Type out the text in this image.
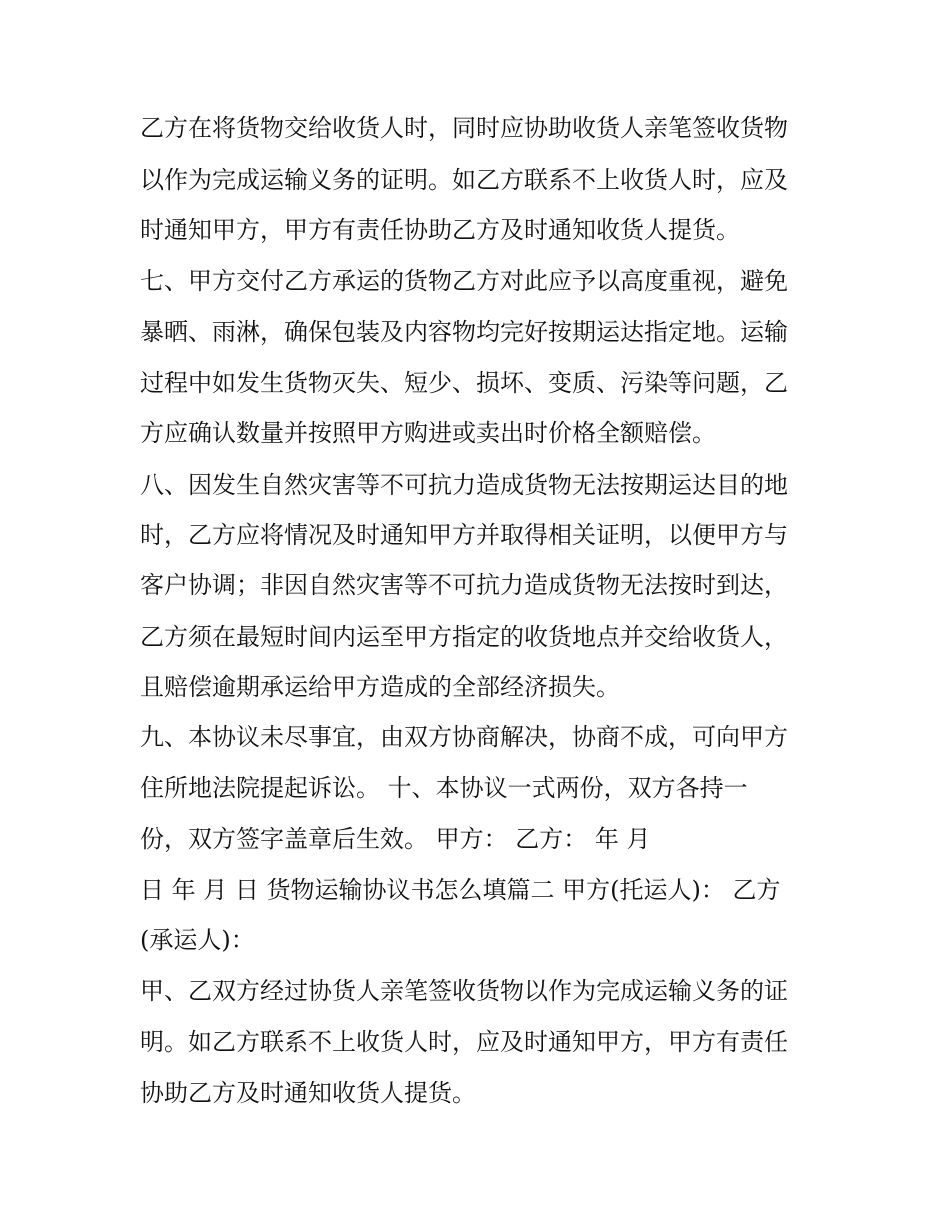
乙方在将货物交给收货人时，同时应协助收货人亲笔签收货物

以作为完成运输义务的证明。如乙方联系不上收货人时，应及

时通知甲方，甲方有责任协助乙方及时通知收货人提货。

七、甲方交付乙方承运的货物乙方对此应予以高度重视，避免

暴晒、雨淋，确保包装及内容物均完好按期运达指定地。运输

过程中如发生货物灭失、短少、损坏、变质、污染等问题，乙

方应确认数量并按照甲方购进或卖出时价格全额赔偿。

八、因发生自然灾害等不可抗力造成货物无法按期运达目的地

时，乙方应将情况及时通知甲方并取得相关证明，以便甲方与

客户协调；非因自然灾害等不可抗力造成货物无法按时到达，

乙方须在最短时间内运至甲方指定的收货地点并交给收货人，

且赔偿逾期承运给甲方造成的全部经济损失。

九、本协议未尽事宜，由双方协商解决，协商不成，可向甲方

住所地法院提起诉讼。 十、本协议一式两份，双方各持一

份，双方签字盖章后生效。 甲方： 乙方： 年 月

日 年 月 日 货物运输协议书怎么填篇二 甲方(托运人)： 乙方

(承运人)：

甲、乙双方经过协货人亲笔签收货物以作为完成运输义务的证

明。如乙方联系不上收货人时，应及时通知甲方，甲方有责任

协助乙方及时通知收货人提货。
